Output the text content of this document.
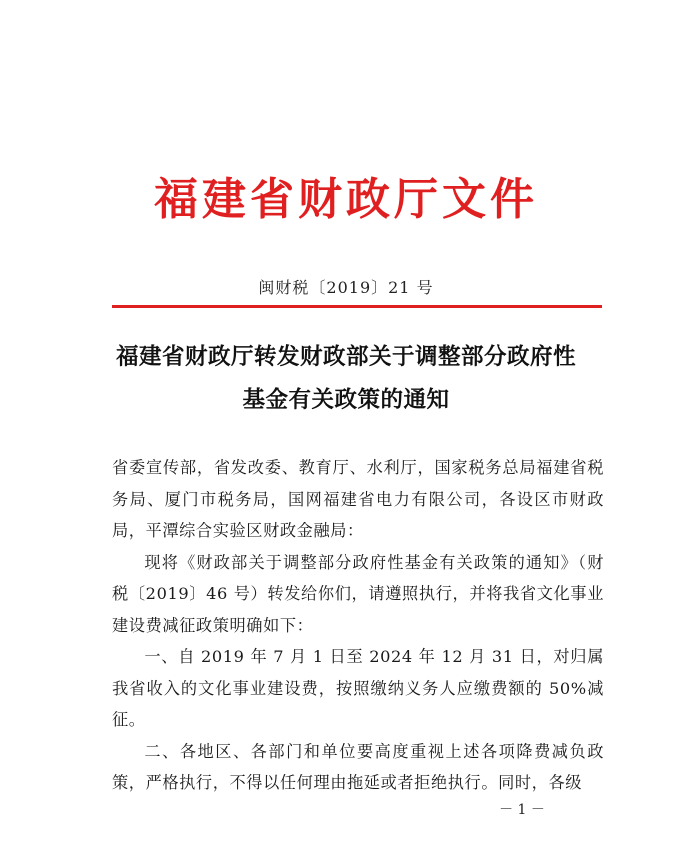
福建省财政厅文件
闽财税〔2019〕21 号
福建省财政厅转发财政部关于调整部分政府性
基金有关政策的通知

省委宣传部，省发改委、教育厅、水利厅，国家税务总局福建省税务局、厦门市税务局，国网福建省电力有限公司，各设区市财政局，平潭综合实验区财政金融局：

现将《财政部关于调整部分政府性基金有关政策的通知》（财税〔2019〕46 号）转发给你们，请遵照执行，并将我省文化事业建设费减征政策明确如下：

一、自 2019 年 7 月 1 日至 2024 年 12 月 31 日，对归属我省收入的文化事业建设费，按照缴纳义务人应缴费额的 50%减征。

二、各地区、各部门和单位要高度重视上述各项降费减负政策，严格执行，不得以任何理由拖延或者拒绝执行。同时，各级

－ 1 －
